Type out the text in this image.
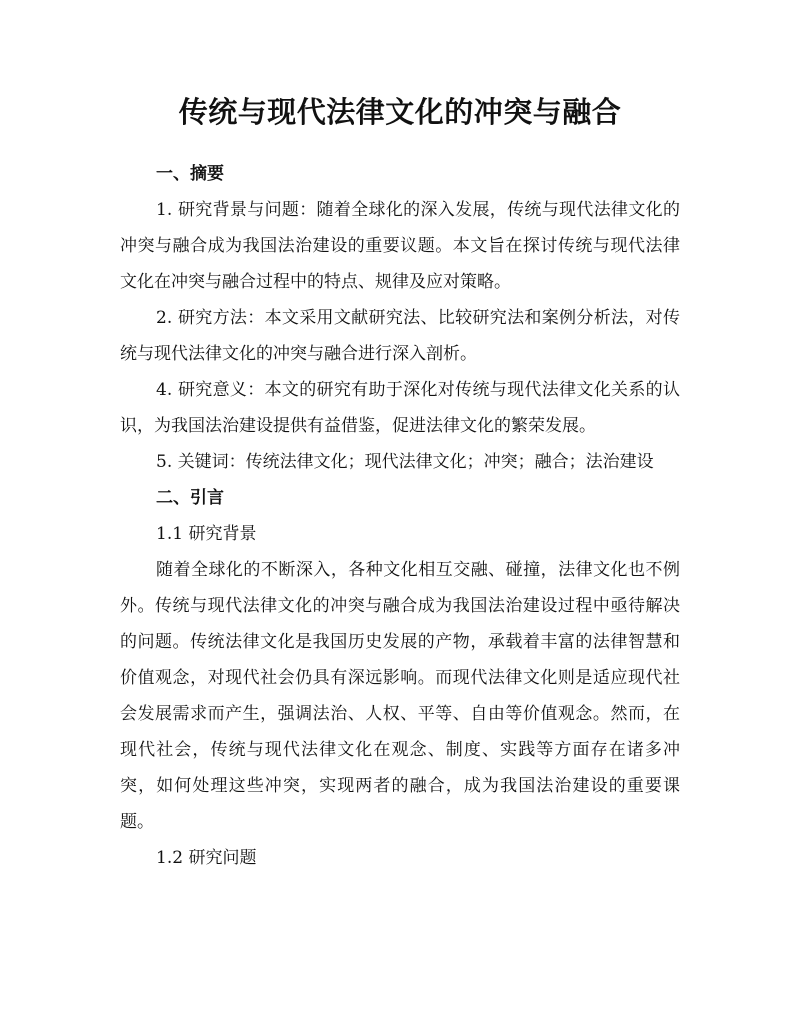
传统与现代法律文化的冲突与融合

一、摘要

1. 研究背景与问题：随着全球化的深入发展，传统与现代法律文化的冲突与融合成为我国法治建设的重要议题。本文旨在探讨传统与现代法律文化在冲突与融合过程中的特点、规律及应对策略。

2. 研究方法：本文采用文献研究法、比较研究法和案例分析法，对传统与现代法律文化的冲突与融合进行深入剖析。

4. 研究意义：本文的研究有助于深化对传统与现代法律文化关系的认识，为我国法治建设提供有益借鉴，促进法律文化的繁荣发展。

5. 关键词：传统法律文化；现代法律文化；冲突；融合；法治建设

二、引言

1.1 研究背景

随着全球化的不断深入，各种文化相互交融、碰撞，法律文化也不例外。传统与现代法律文化的冲突与融合成为我国法治建设过程中亟待解决的问题。传统法律文化是我国历史发展的产物，承载着丰富的法律智慧和价值观念，对现代社会仍具有深远影响。而现代法律文化则是适应现代社会发展需求而产生，强调法治、人权、平等、自由等价值观念。然而，在现代社会，传统与现代法律文化在观念、制度、实践等方面存在诸多冲突，如何处理这些冲突，实现两者的融合，成为我国法治建设的重要课题。

1.2 研究问题
